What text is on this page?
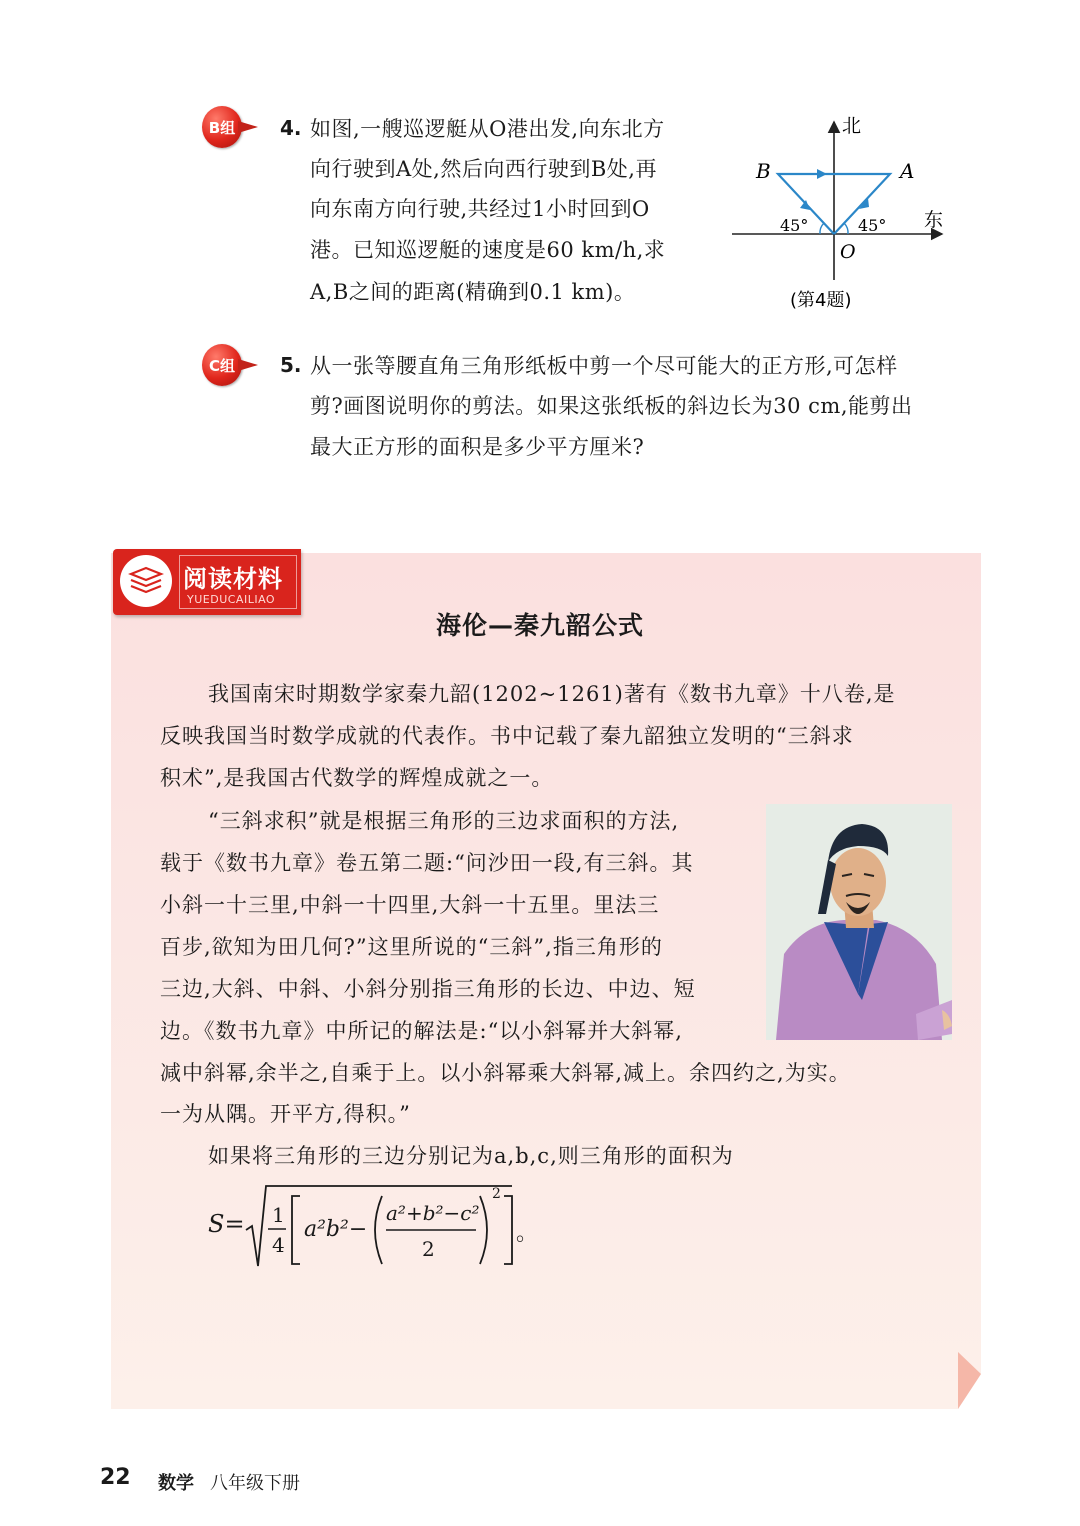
B组	4. 如图,一艘巡逻艇从O港出发,向东北方
向行驶到A处,然后向西行驶到B处,再
向东南方向行驶,共经过1小时回到O
港。已知巡逻艇的速度是60 km/h,求
A,B之间的距离(精确到0.1 km)。
北
东
B	A
O
45°	45°
(第4题)
C组	5. 从一张等腰直角三角形纸板中剪一个尽可能大的正方形,可怎样
剪?画图说明你的剪法。如果这张纸板的斜边长为30 cm,能剪出
最大正方形的面积是多少平方厘米?
阅读材料
YUEDUCAILIAO
海伦—秦九韶公式
我国南宋时期数学家秦九韶(1202~1261)著有《数书九章》十八卷,是
反映我国当时数学成就的代表作。书中记载了秦九韶独立发明的“三斜求
积术”,是我国古代数学的辉煌成就之一。
“三斜求积”就是根据三角形的三边求面积的方法,
载于《数书九章》卷五第二题:“问沙田一段,有三斜。其
小斜一十三里,中斜一十四里,大斜一十五里。里法三
百步,欲知为田几何?”这里所说的“三斜”,指三角形的
三边,大斜、中斜、小斜分别指三角形的长边、中边、短
边。《数书九章》中所记的解法是:“以小斜幂并大斜幂,
减中斜幂,余半之,自乘于上。以小斜幂乘大斜幂,减上。余四约之,为实。
一为从隅。开平方,得积。”
如果将三角形的三边分别记为a,b,c,则三角形的面积为
S= 1
4
a²b²−
a²+b²−c²
2
2
。
22 数学 八年级下册
